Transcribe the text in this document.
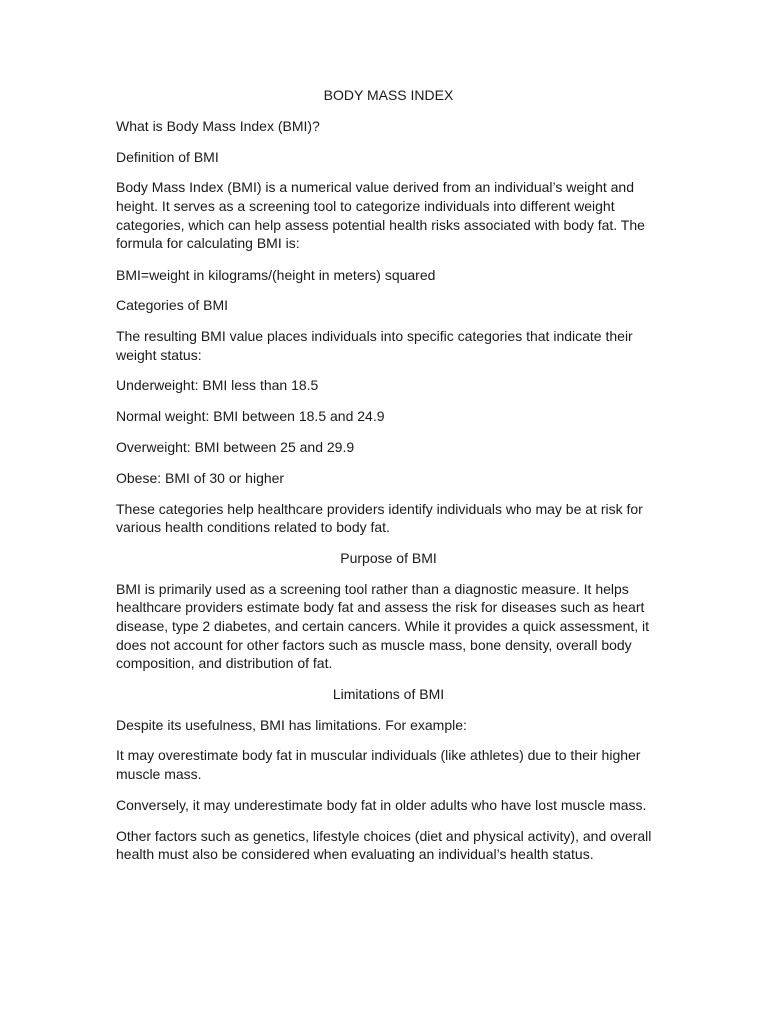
BODY MASS INDEX

What is Body Mass Index (BMI)?

Definition of BMI

Body Mass Index (BMI) is a numerical value derived from an individual’s weight and height. It serves as a screening tool to categorize individuals into different weight categories, which can help assess potential health risks associated with body fat. The formula for calculating BMI is:

BMI=weight in kilograms/(height in meters) squared

Categories of BMI

The resulting BMI value places individuals into specific categories that indicate their weight status:

Underweight: BMI less than 18.5

Normal weight: BMI between 18.5 and 24.9

Overweight: BMI between 25 and 29.9

Obese: BMI of 30 or higher

These categories help healthcare providers identify individuals who may be at risk for various health conditions related to body fat.

Purpose of BMI

BMI is primarily used as a screening tool rather than a diagnostic measure. It helps healthcare providers estimate body fat and assess the risk for diseases such as heart disease, type 2 diabetes, and certain cancers. While it provides a quick assessment, it does not account for other factors such as muscle mass, bone density, overall body composition, and distribution of fat.

Limitations of BMI

Despite its usefulness, BMI has limitations. For example:

It may overestimate body fat in muscular individuals (like athletes) due to their higher muscle mass.

Conversely, it may underestimate body fat in older adults who have lost muscle mass.

Other factors such as genetics, lifestyle choices (diet and physical activity), and overall health must also be considered when evaluating an individual’s health status.
